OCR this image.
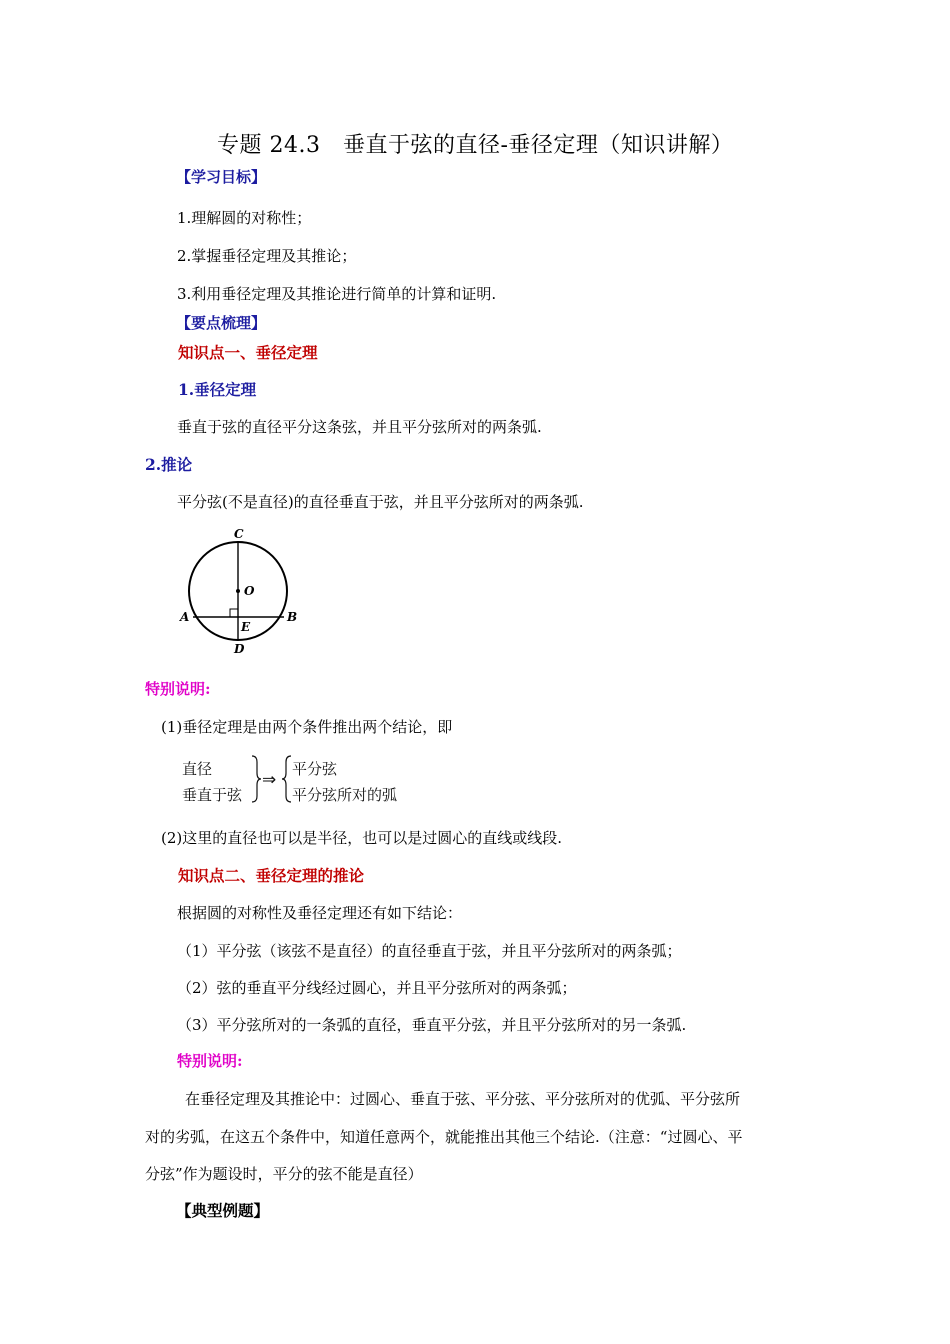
专题 24.3　垂直于弦的直径-垂径定理（知识讲解）
【学习目标】
1.理解圆的对称性；
2.掌握垂径定理及其推论；
3.利用垂径定理及其推论进行简单的计算和证明.
【要点梳理】
知识点一、垂径定理
1.垂径定理
垂直于弦的直径平分这条弦，并且平分弦所对的两条弧.
2.推论
平分弦(不是直径)的直径垂直于弦，并且平分弦所对的两条弧.
C
O
A	B
E
D
特别说明:
(1)垂径定理是由两个条件推出两个结论，即
直径
垂直于弦
⇒
平分弦
平分弦所对的弧
(2)这里的直径也可以是半径，也可以是过圆心的直线或线段.
知识点二、垂径定理的推论
根据圆的对称性及垂径定理还有如下结论：
（1）平分弦（该弦不是直径）的直径垂直于弦，并且平分弦所对的两条弧；
（2）弦的垂直平分线经过圆心，并且平分弦所对的两条弧；
（3）平分弦所对的一条弧的直径，垂直平分弦，并且平分弦所对的另一条弧.
特别说明:
在垂径定理及其推论中：过圆心、垂直于弦、平分弦、平分弦所对的优弧、平分弦所
对的劣弧，在这五个条件中，知道任意两个，就能推出其他三个结论.（注意：“过圆心、平
分弦”作为题设时，平分的弦不能是直径）
【典型例题】
